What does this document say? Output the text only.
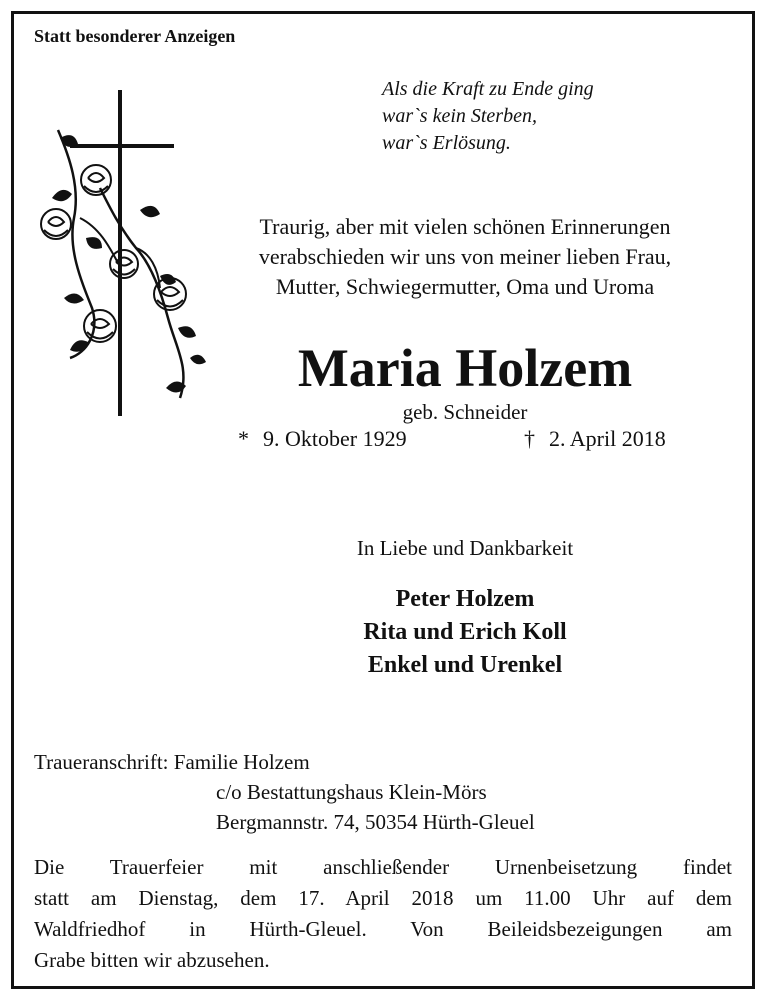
Statt besonderer Anzeigen
Als die Kraft zu Ende ging
war`s kein Sterben,
war`s Erlösung.
Traurig, aber mit vielen schönen Erinnerungen
verabschieden wir uns von meiner lieben Frau,
Mutter, Schwiegermutter, Oma und Uroma
Maria Holzem
geb. Schneider
* 9. Oktober 1929	† 2. April 2018
In Liebe und Dankbarkeit
Peter Holzem
Rita und Erich Koll
Enkel und Urenkel
Traueranschrift: Familie Holzem
c/o Bestattungshaus Klein-Mörs
Bergmannstr. 74, 50354 Hürth-Gleuel
Die Trauerfeier mit anschließender Urnenbeisetzung findet
statt am Dienstag, dem 17. April 2018 um 11.00 Uhr auf dem
Waldfriedhof in Hürth-Gleuel. Von Beileidsbezeigungen am
Grabe bitten wir abzusehen.
